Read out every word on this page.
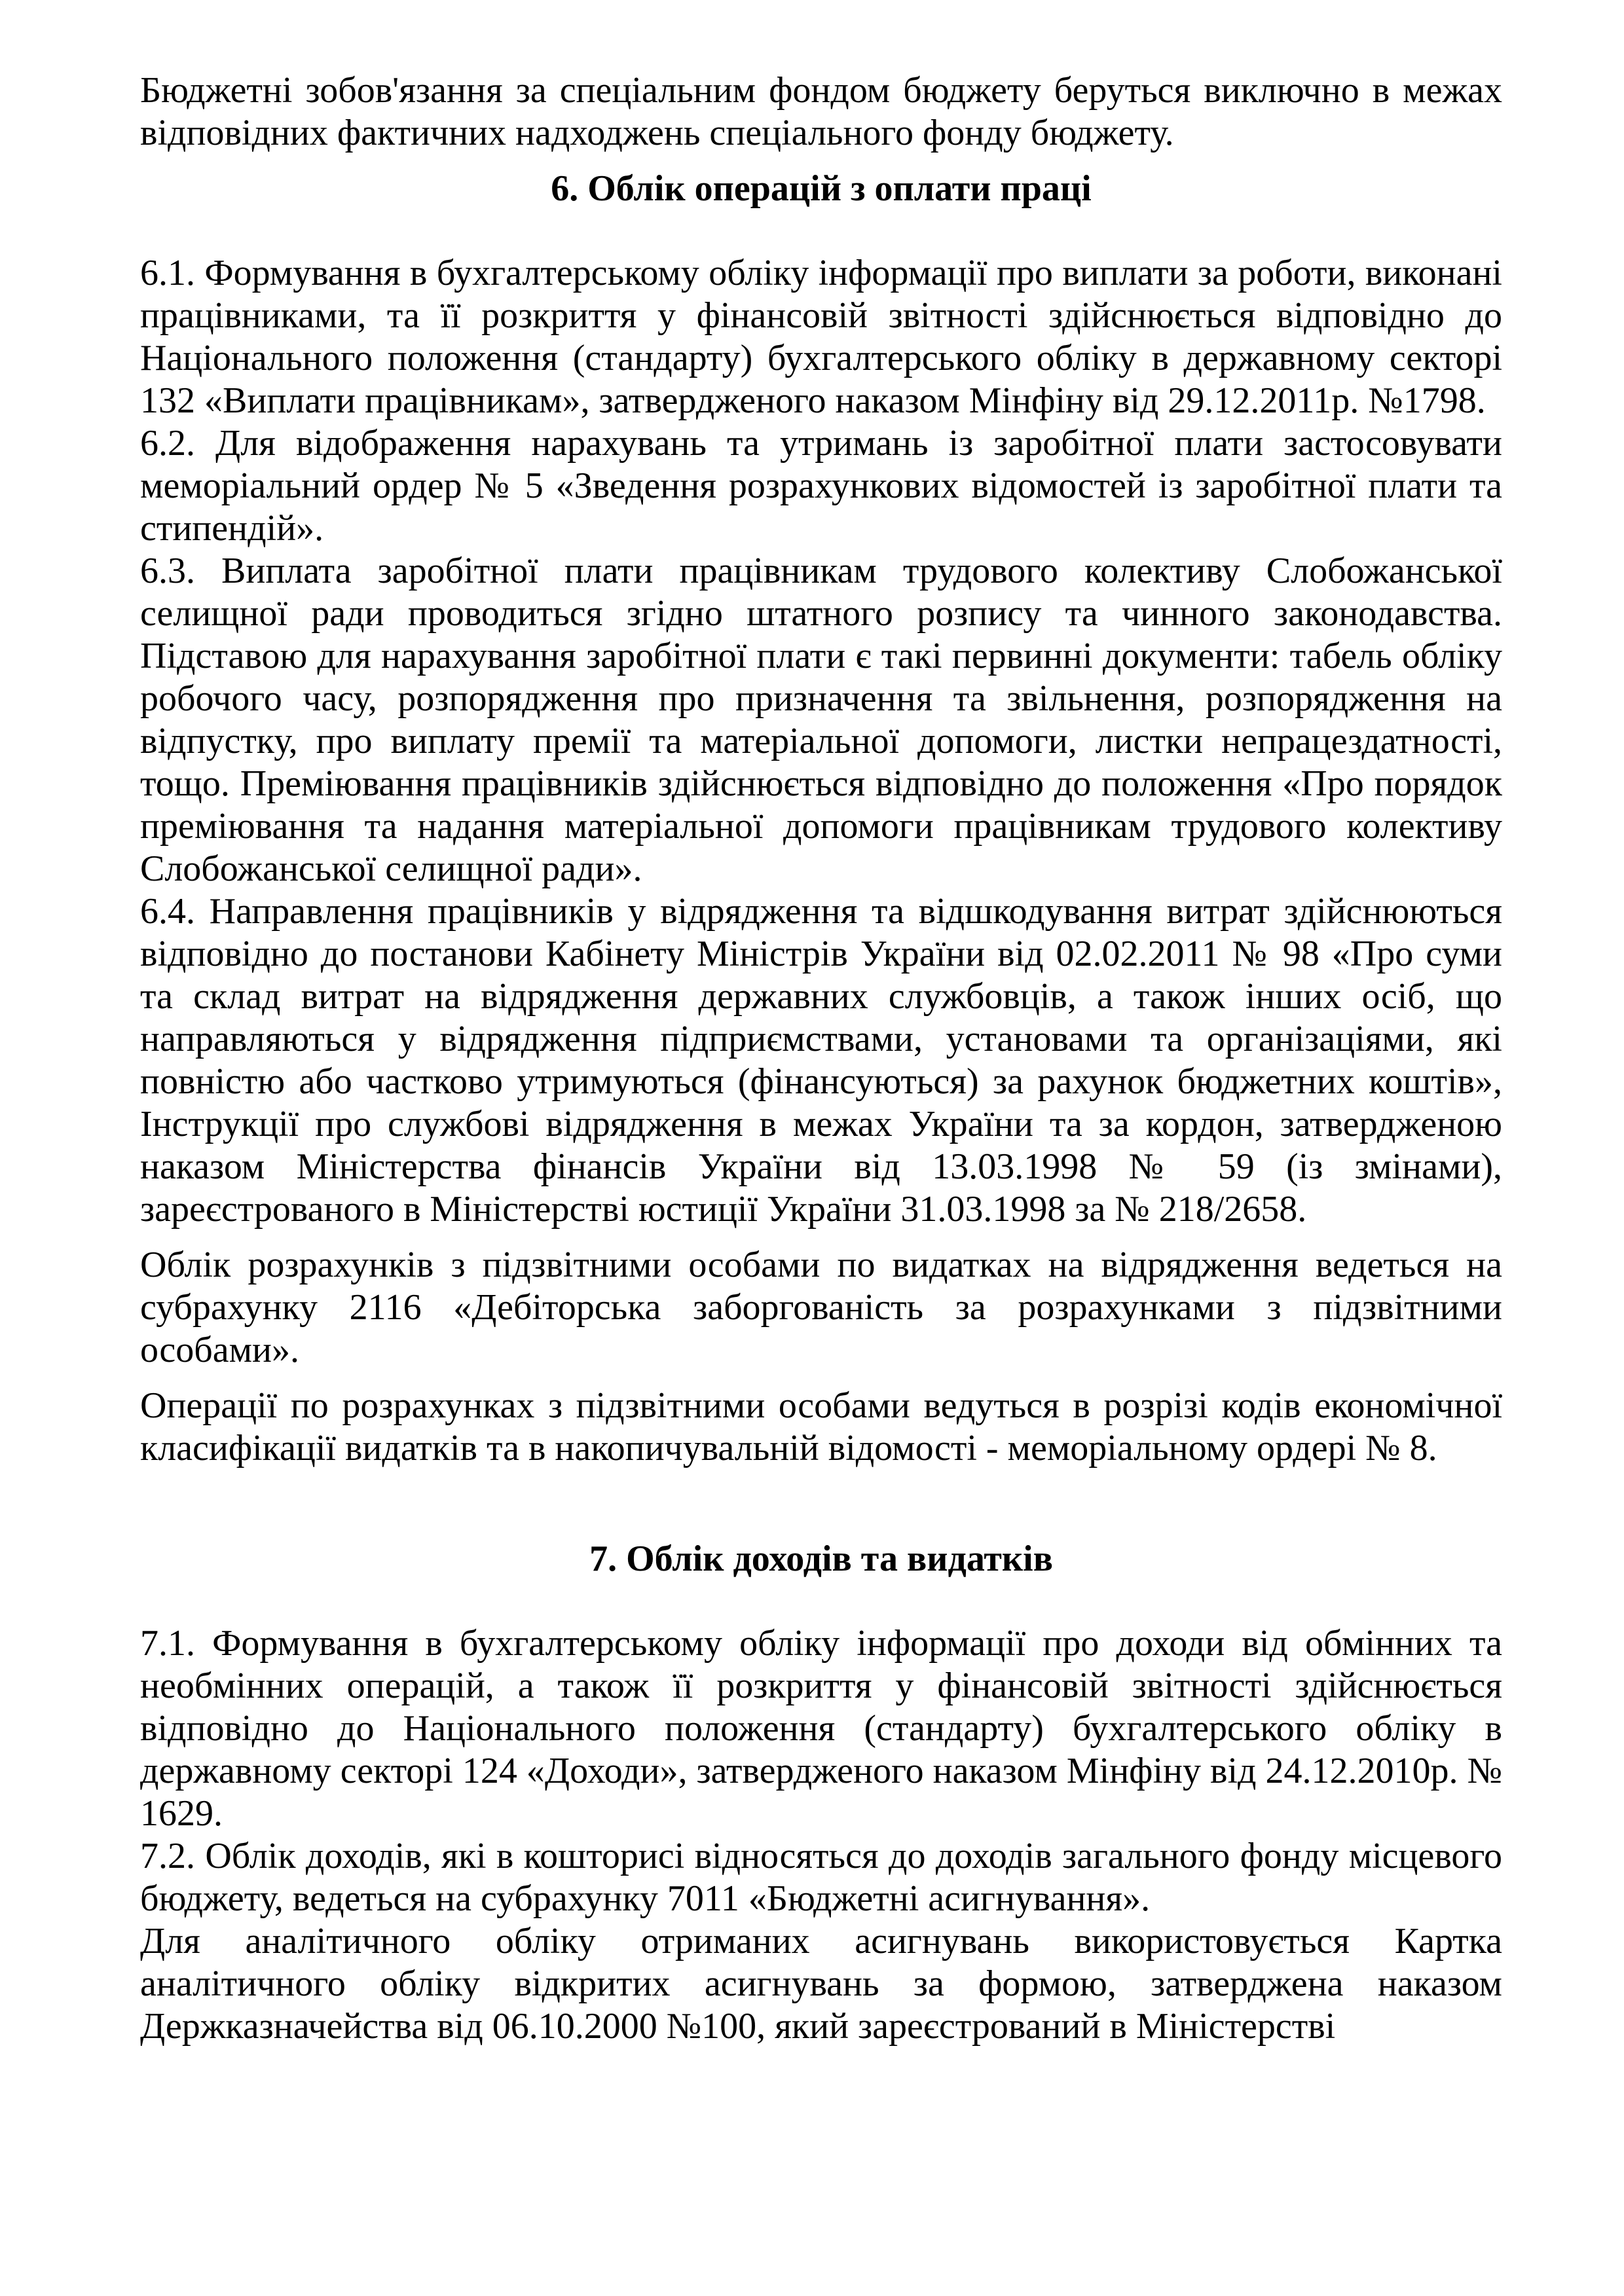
Бюджетні зобов'язання за спеціальним фондом бюджету беруться виключно в межах відповідних фактичних надходжень спеціального фонду бюджету.

6. Облік операцій з оплати праці

6.1. Формування в бухгалтерському обліку інформації про виплати за роботи, виконані працівниками, та її розкриття у фінансовій звітності здійснюється відповідно до Національного положення (стандарту) бухгалтерського обліку в державному секторі 132 «Виплати працівникам», затвердженого наказом Мінфіну від 29.12.2011р. №1798.

6.2. Для відображення нарахувань та утримань із заробітної плати застосовувати меморіальний ордер № 5 «Зведення розрахункових відомостей із заробітної плати та стипендій».

6.3. Виплата заробітної плати працівникам трудового колективу Слобожанської селищної ради проводиться згідно штатного розпису та чинного законодавства. Підставою для нарахування заробітної плати є такі первинні документи: табель обліку робочого часу, розпорядження про призначення та звільнення, розпорядження на відпустку, про виплату премії та матеріальної допомоги, листки непрацездатності, тощо. Преміювання працівників здійснюється відповідно до положення «Про порядок преміювання та надання матеріальної допомоги працівникам трудового колективу Слобожанської селищної ради».

6.4. Направлення працівників у відрядження та відшкодування витрат здійснюються відповідно до постанови Кабінету Міністрів України від 02.02.2011 № 98 «Про суми та склад витрат на відрядження державних службовців, а також інших осіб, що направляються у відрядження підприємствами, установами та організаціями, які повністю або частково утримуються (фінансуються) за рахунок бюджетних коштів», Інструкції про службові відрядження в межах України та за кордон, затвердженою наказом Міністерства фінансів України від 13.03.1998 № 59 (із змінами), зареєстрованого в Міністерстві юстиції України 31.03.1998 за № 218/2658.

Облік розрахунків з підзвітними особами по видатках на відрядження ведеться на субрахунку 2116 «Дебіторська заборгованість за розрахунками з підзвітними особами».

Операції по розрахунках з підзвітними особами ведуться в розрізі кодів економічної класифікації видатків та в накопичувальній відомості - меморіальному ордері № 8.

7. Облік доходів та видатків

7.1. Формування в бухгалтерському обліку інформації про доходи від обмінних та необмінних операцій, а також її розкриття у фінансовій звітності здійснюється відповідно до Національного положення (стандарту) бухгалтерського обліку в державному секторі 124 «Доходи», затвердженого наказом Мінфіну від 24.12.2010р. № 1629.

7.2. Облік доходів, які в кошторисі відносяться до доходів загального фонду місцевого бюджету, ведеться на субрахунку 7011 «Бюджетні асигнування».

Для аналітичного обліку отриманих асигнувань використовується Картка аналітичного обліку відкритих асигнувань за формою, затверджена наказом Держказначейства від 06.10.2000 №100, який зареєстрований в Міністерстві
